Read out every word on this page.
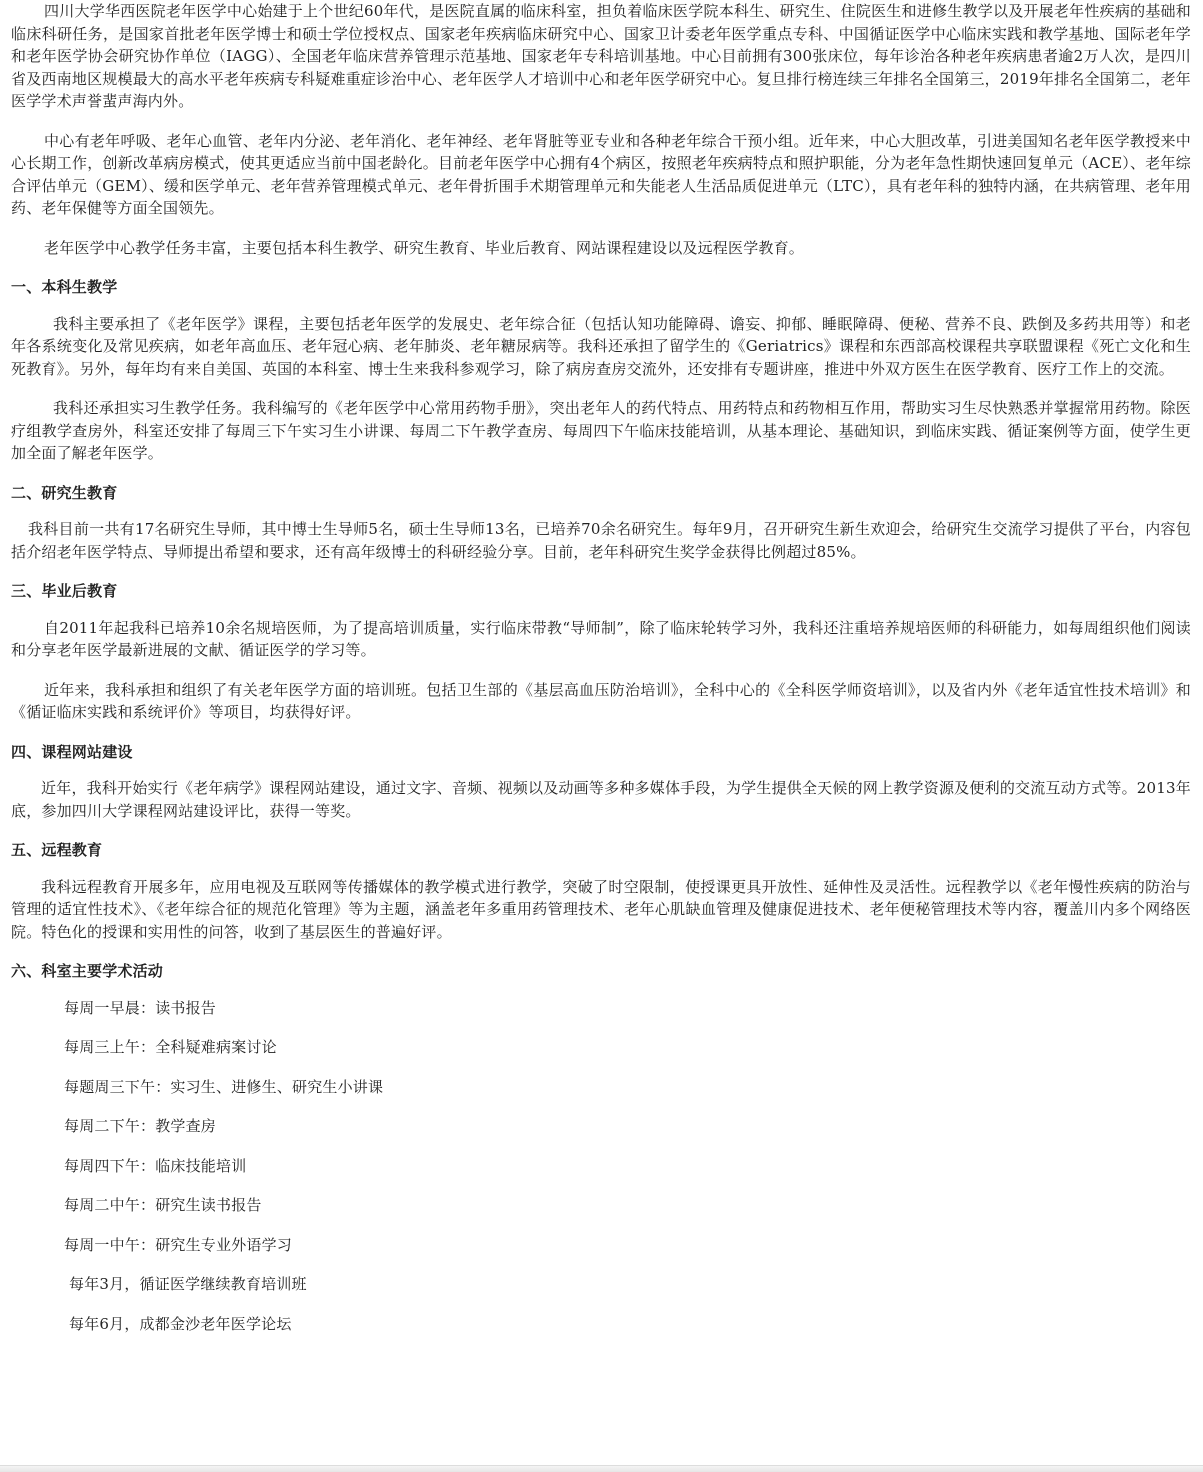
四川大学华西医院老年医学中心始建于上个世纪60年代，是医院直属的临床科室，担负着临床医学院本科生、研究生、住院医生和进修生教学以及开展老年性疾病的基础和临床科研任务，是国家首批老年医学博士和硕士学位授权点、国家老年疾病临床研究中心、国家卫计委老年医学重点专科、中国循证医学中心临床实践和教学基地、国际老年学和老年医学协会研究协作单位（IAGG）、全国老年临床营养管理示范基地、国家老年专科培训基地。中心目前拥有300张床位，每年诊治各种老年疾病患者逾2万人次，是四川省及西南地区规模最大的高水平老年疾病专科疑难重症诊治中心、老年医学人才培训中心和老年医学研究中心。复旦排行榜连续三年排名全国第三，2019年排名全国第二，老年医学学术声誉蜚声海内外。

中心有老年呼吸、老年心血管、老年内分泌、老年消化、老年神经、老年肾脏等亚专业和各种老年综合干预小组。近年来，中心大胆改革，引进美国知名老年医学教授来中心长期工作，创新改革病房模式，使其更适应当前中国老龄化。目前老年医学中心拥有4个病区，按照老年疾病特点和照护职能，分为老年急性期快速回复单元（ACE）、老年综合评估单元（GEM）、缓和医学单元、老年营养管理模式单元、老年骨折围手术期管理单元和失能老人生活品质促进单元（LTC），具有老年科的独特内涵，在共病管理、老年用药、老年保健等方面全国领先。

老年医学中心教学任务丰富，主要包括本科生教学、研究生教育、毕业后教育、网站课程建设以及远程医学教育。

一、本科生教学

我科主要承担了《老年医学》课程，主要包括老年医学的发展史、老年综合征（包括认知功能障碍、谵妄、抑郁、睡眠障碍、便秘、营养不良、跌倒及多药共用等）和老年各系统变化及常见疾病，如老年高血压、老年冠心病、老年肺炎、老年糖尿病等。我科还承担了留学生的《Geriatrics》课程和东西部高校课程共享联盟课程《死亡文化和生死教育》。另外，每年均有来自美国、英国的本科室、博士生来我科参观学习，除了病房查房交流外，还安排有专题讲座，推进中外双方医生在医学教育、医疗工作上的交流。

我科还承担实习生教学任务。我科编写的《老年医学中心常用药物手册》，突出老年人的药代特点、用药特点和药物相互作用，帮助实习生尽快熟悉并掌握常用药物。除医疗组教学查房外，科室还安排了每周三下午实习生小讲课、每周二下午教学查房、每周四下午临床技能培训，从基本理论、基础知识，到临床实践、循证案例等方面，使学生更加全面了解老年医学。

二、研究生教育

我科目前一共有17名研究生导师，其中博士生导师5名，硕士生导师13名，已培养70余名研究生。每年9月，召开研究生新生欢迎会，给研究生交流学习提供了平台，内容包括介绍老年医学特点、导师提出希望和要求，还有高年级博士的科研经验分享。目前，老年科研究生奖学金获得比例超过85%。

三、毕业后教育

自2011年起我科已培养10余名规培医师，为了提高培训质量，实行临床带教“导师制”，除了临床轮转学习外，我科还注重培养规培医师的科研能力，如每周组织他们阅读和分享老年医学最新进展的文献、循证医学的学习等。

近年来，我科承担和组织了有关老年医学方面的培训班。包括卫生部的《基层高血压防治培训》，全科中心的《全科医学师资培训》，以及省内外《老年适宜性技术培训》和《循证临床实践和系统评价》等项目，均获得好评。

四、课程网站建设

近年，我科开始实行《老年病学》课程网站建设，通过文字、音频、视频以及动画等多种多媒体手段，为学生提供全天候的网上教学资源及便利的交流互动方式等。2013年底，参加四川大学课程网站建设评比，获得一等奖。

五、远程教育

我科远程教育开展多年，应用电视及互联网等传播媒体的教学模式进行教学，突破了时空限制，使授课更具开放性、延伸性及灵活性。远程教学以《老年慢性疾病的防治与管理的适宜性技术》、《老年综合征的规范化管理》等为主题，涵盖老年多重用药管理技术、老年心肌缺血管理及健康促进技术、老年便秘管理技术等内容，覆盖川内多个网络医院。特色化的授课和实用性的问答，收到了基层医生的普遍好评。

六、科室主要学术活动

每周一早晨：读书报告

每周三上午：全科疑难病案讨论

每题周三下午：实习生、进修生、研究生小讲课

每周二下午：教学查房

每周四下午：临床技能培训

每周二中午：研究生读书报告

每周一中午：研究生专业外语学习

每年3月，循证医学继续教育培训班

每年6月，成都金沙老年医学论坛
